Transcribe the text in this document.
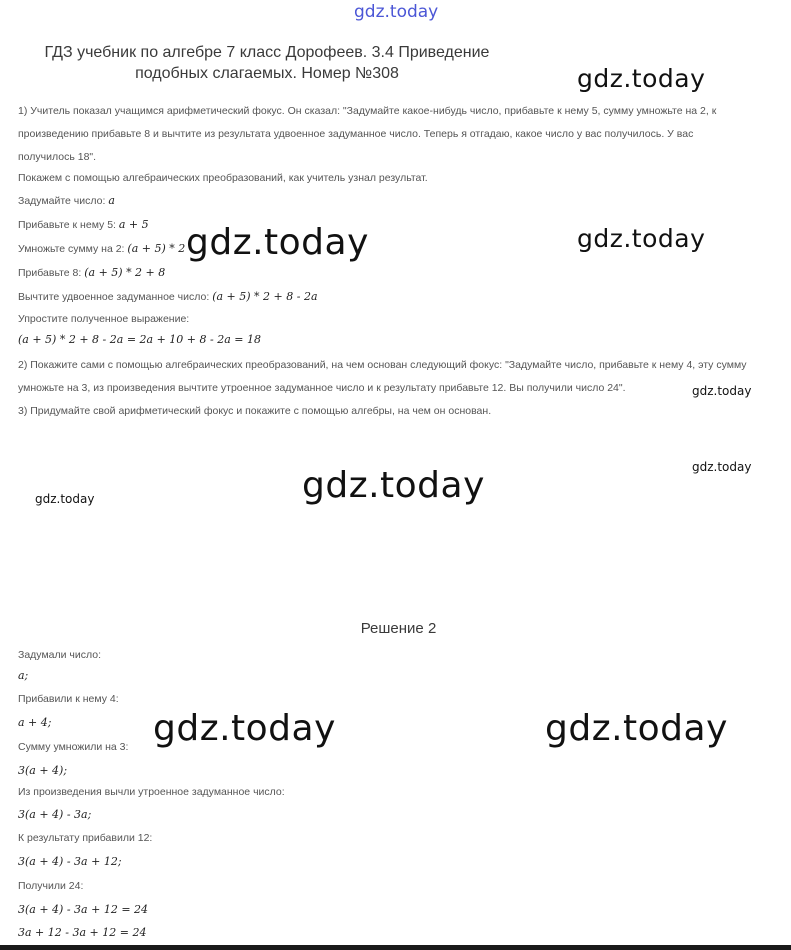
gdz.today
gdz.today
gdz.today	gdz.today
gdz.today
gdz.today
gdz.today
gdz.today
gdz.today	gdz.today
ГДЗ учебник по алгебре 7 класс Дорофеев. 3.4 Приведение
подобных слагаемых. Номер №308
1) Учитель показал учащимся арифметический фокус. Он сказал: "Задумайте какое-нибудь число, прибавьте к нему 5, сумму умножьте на 2, к
произведению прибавьте 8 и вычтите из результата удвоенное задуманное число. Теперь я отгадаю, какое число у вас получилось. У вас
получилось 18".
Покажем с помощью алгебраических преобразований, как учитель узнал результат.
Задумайте число: a
Прибавьте к нему 5: a + 5
Умножьте сумму на 2: (a + 5) * 2
Прибавьте 8: (a + 5) * 2 + 8
Вычтите удвоенное задуманное число: (a + 5) * 2 + 8 - 2a
Упростите полученное выражение:
(a + 5) * 2 + 8 - 2a = 2a + 10 + 8 - 2a = 18
2) Покажите сами с помощью алгебраических преобразований, на чем основан следующий фокус: "Задумайте число, прибавьте к нему 4, эту сумму
умножьте на 3, из произведения вычтите утроенное задуманное число и к результату прибавьте 12. Вы получили число 24".
3) Придумайте свой арифметический фокус и покажите с помощью алгебры, на чем он основан.
Решение 2
Задумали число:
a;
Прибавили к нему 4:
a + 4;
Сумму умножили на 3:
3(a + 4);
Из произведения вычли утроенное задуманное число:
3(a + 4) - 3a;
К результату прибавили 12:
3(a + 4) - 3a + 12;
Получили 24:
3(a + 4) - 3a + 12 = 24
3a + 12 - 3a + 12 = 24
